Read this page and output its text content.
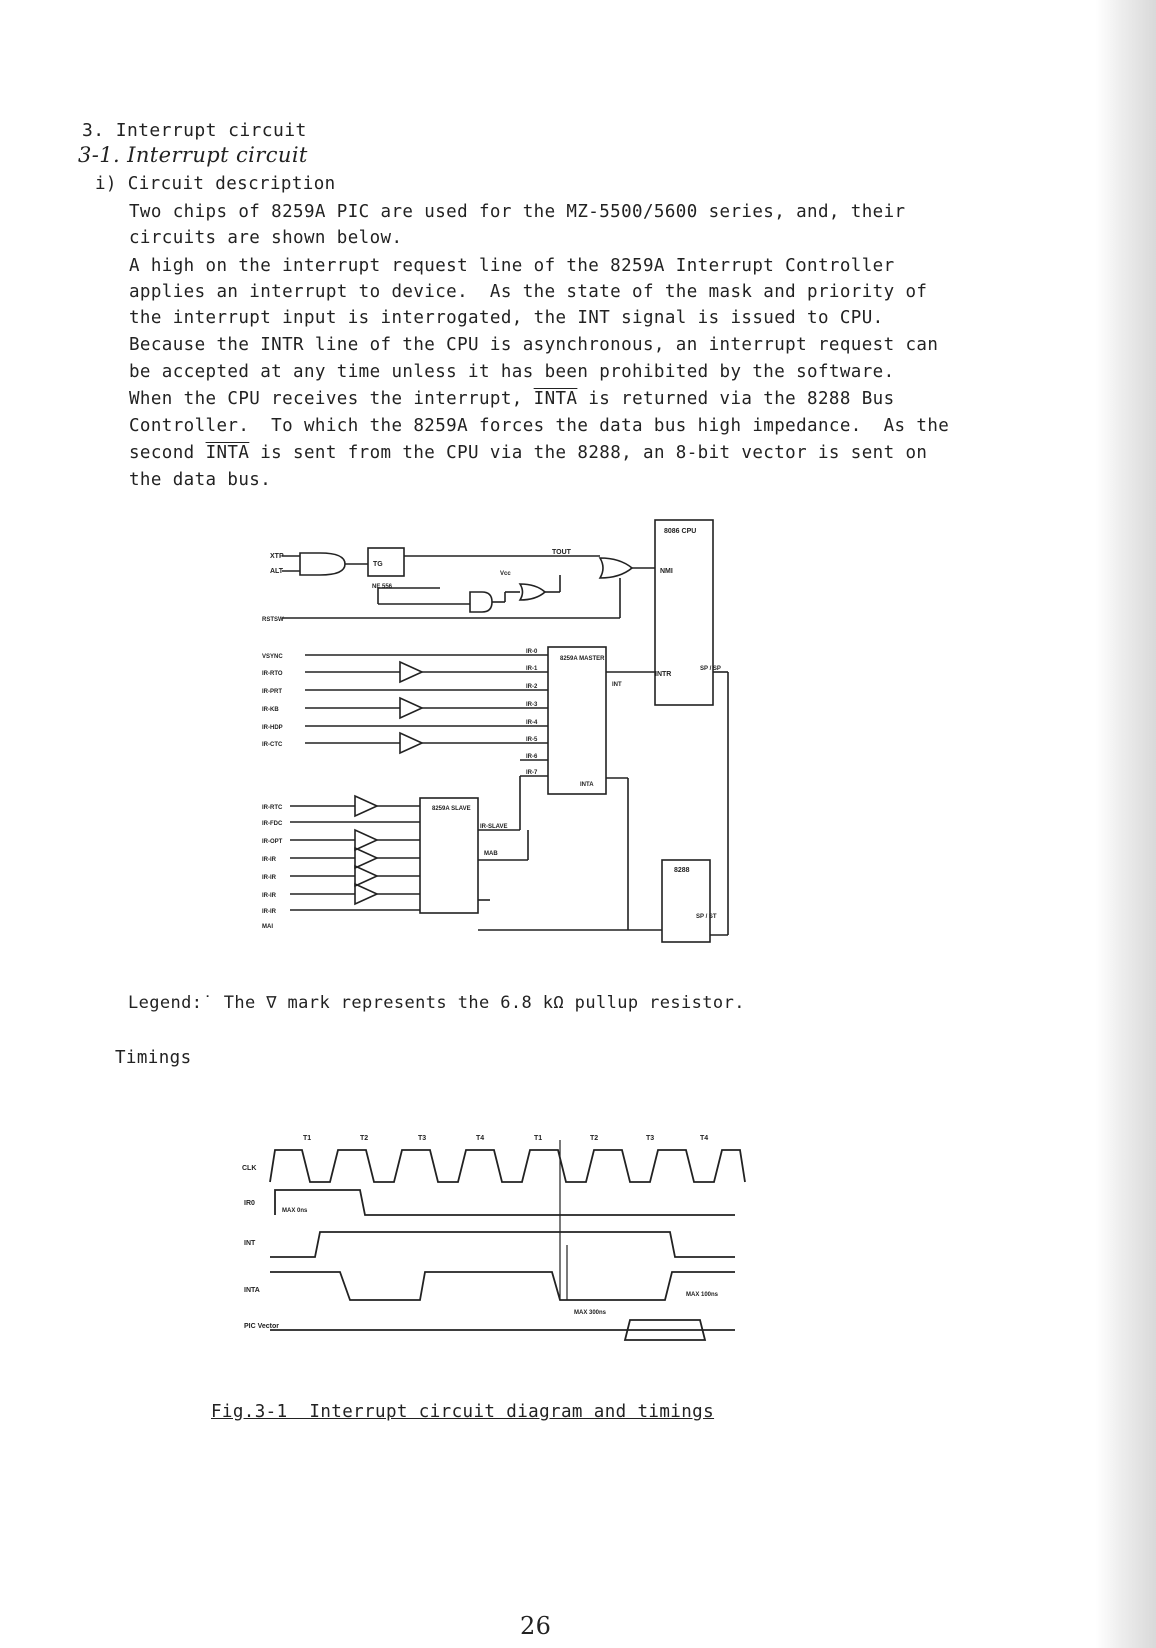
3. Interrupt circuit
3-1. Interrupt circuit
i) Circuit description
Two chips of 8259A PIC are used for the MZ-5500/5600 series, and, their
circuits are shown below.
A high on the interrupt request line of the 8259A Interrupt Controller
applies an interrupt to device.  As the state of the mask and priority of
the interrupt input is interrogated, the INT signal is issued to CPU.
Because the INTR line of the CPU is asynchronous, an interrupt request can
be accepted at any time unless it has been prohibited by the software.
When the CPU receives the interrupt, INTA is returned via the 8288 Bus
Controller.  To which the 8259A forces the data bus high impedance.  As the
second INTA is sent from the CPU via the 8288, an 8-bit vector is sent on
the data bus.
8086 CPU
NMI
INTR
SP / SP
XTP
ALT
RSTSW
TG
NE 556
TOUT
Vcc
8259A MASTER
8259A SLAVE
VSYNC
IR-RTO
IR-PRT
IR-KB
IR-HDP
IR-CTC
IR-RTC
IR-FDC
IR-OPT
IR-IR
IR-IR
IR-IR
IR-IR
MAI
IR-0
IR-1
IR-2
IR-3
IR-4
IR-5
IR-6
IR-7
INT
INTA
IR-SLAVE
MAB
8288
SP / ST
Legend:˙ The ∇ mark represents the 6.8 kΩ pullup resistor.
Timings
CLK
IR0
INT
INTA
PIC Vector
T1	T2	T3	T4	T1	T2	T3	T4
MAX 0ns
MAX 100ns
MAX 300ns
Fig.3-1  Interrupt circuit diagram and timings
26
